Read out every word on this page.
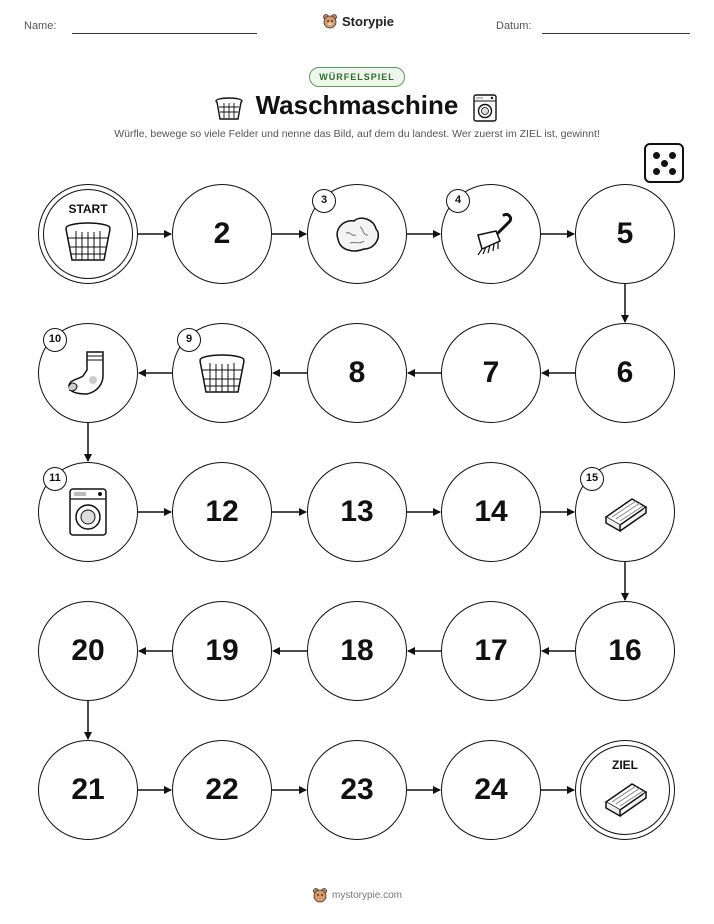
Name:	Storypie	Datum:
WÜRFELSPIEL
Waschmaschine
Würfle, bewege so viele Felder und nenne das Bild, auf dem du landest. Wer zuerst im ZIEL ist, gewinnt!
START
2
3	4
5
6
7
8
9
10
11
12	13	14
15
16
17
18
19
20
21	22	23	24
ZIEL
mystorypie.com
